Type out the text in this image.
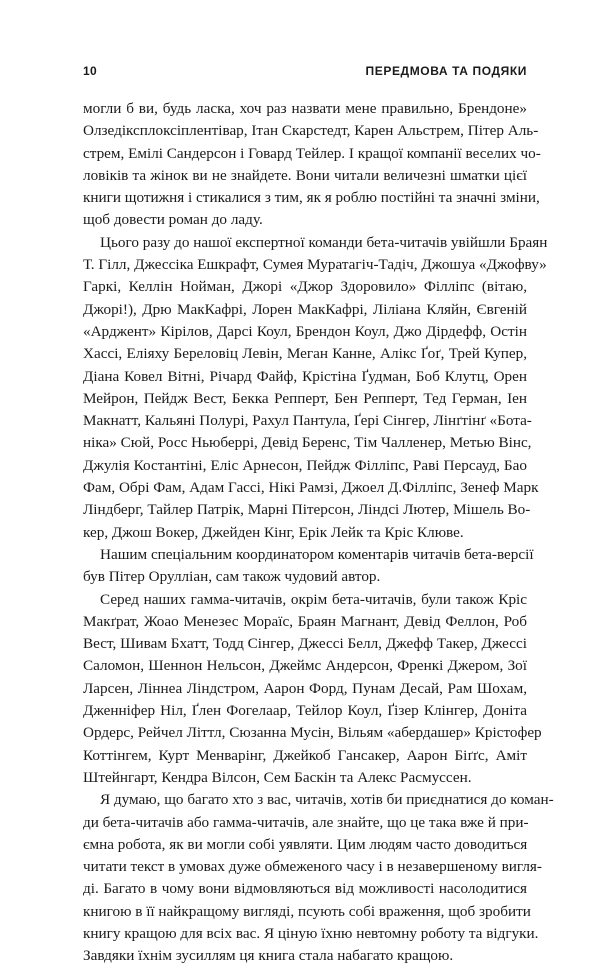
10	ПЕРЕДМОВА ТА ПОДЯКИ
могли б ви, будь ласка, хоч раз назвати мене правильно, Брендоне»
Олзедіксплоксіплентівар, Ітан Скарстедт, Карен Альстрем, Пітер Аль-
стрем, Емілі Сандерсон і Говард Тейлер. І кращої компанії веселих чо-
ловіків та жінок ви не знайдете. Вони читали величезні шматки цієї
книги щотижня і стикалися з тим, як я роблю постійні та значні зміни,
щоб довести роман до ладу.
Цього разу до нашої експертної команди бета-читачів увійшли Браян
Т. Гілл, Джессіка Ешкрафт, Сумея Муратагіч-Тадіч, Джошуа «Джофву»
Гаркі, Келлін Нойман, Джорі «Джор Здоровило» Філліпс (вітаю,
Джорі!), Дрю МакКафрі, Лорен МакКафрі, Ліліана Кляйн, Євгеній
«Арджент» Кірілов, Дарсі Коул, Брендон Коул, Джо Дірдефф, Остін
Хассі, Еліяху Береловіц Левін, Меган Канне, Алікс Ґоґ, Трей Купер,
Діана Ковел Вітні, Річард Файф, Крістіна Ґудман, Боб Клутц, Орен
Мейрон, Пейдж Вест, Бекка Репперт, Бен Репперт, Тед Герман, Іен
Макнатт, Кальяні Полурі, Рахул Пантула, Ґері Сінгер, Лінґтінґ «Бота-
ніка» Сюй, Росс Ньюберрі, Девід Беренс, Тім Чалленер, Метью Вінс,
Джулія Костантіні, Еліс Арнесон, Пейдж Філліпс, Раві Персауд, Бао
Фам, Обрі Фам, Адам Гассі, Нікі Рамзі, Джоел Д.Філліпс, Зенеф Марк
Ліндберг, Тайлер Патрік, Марні Пітерсон, Ліндсі Лютер, Мішель Во-
кер, Джош Вокер, Джейден Кінг, Ерік Лейк та Кріс Клюве.
Нашим спеціальним координатором коментарів читачів бета-версії
був Пітер Орулліан, сам також чудовий автор.
Серед наших гамма-читачів, окрім бета-читачів, були також Кріс
Макґрат, Жоао Менезес Мораїс, Браян Магнант, Девід Феллон, Роб
Вест, Шивам Бхатт, Тодд Сінгер, Джессі Белл, Джефф Такер, Джессі
Саломон, Шеннон Нельсон, Джеймс Андерсон, Френкі Джером, Зої
Ларсен, Ліннеа Ліндстром, Аарон Форд, Пунам Десай, Рам Шохам,
Дженніфер Ніл, Ґлен Фогелаар, Тейлор Коул, Ґізер Клінгер, Доніта
Ордерс, Рейчел Літтл, Сюзанна Мусін, Вільям «абердашер» Крістофер
Коттінгем, Курт Менварінг, Джейкоб Гансакер, Аарон Біґґс, Аміт
Штейнгарт, Кендра Вілсон, Сем Баскін та Алекс Расмуссен.
Я думаю, що багато хто з вас, читачів, хотів би приєднатися до коман-
ди бета-читачів або гамма-читачів, але знайте, що це така вже й при-
ємна робота, як ви могли собі уявляти. Цим людям часто доводиться
читати текст в умовах дуже обмеженого часу і в незавершеному вигля-
ді. Багато в чому вони відмовляються від можливості насолодитися
книгою в її найкращому вигляді, псують собі враження, щоб зробити
книгу кращою для всіх вас. Я ціную їхню невтомну роботу та відгуки.
Завдяки їхнім зусиллям ця книга стала набагато кращою.
